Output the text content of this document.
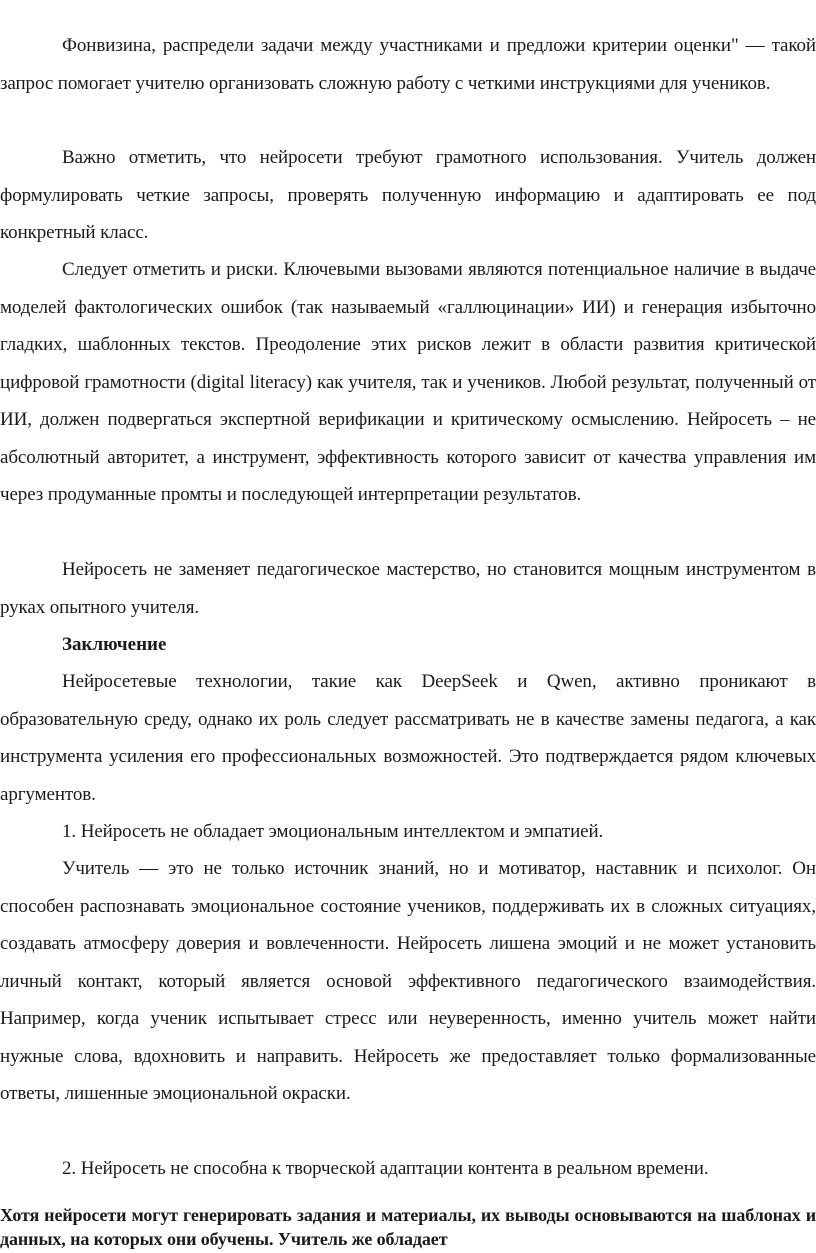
Фонвизина, распредели задачи между участниками и предложи критерии оценки" — такой запрос помогает учителю организовать сложную работу с четкими инструкциями для учеников.

Важно отметить, что нейросети требуют грамотного использования. Учитель должен формулировать четкие запросы, проверять полученную информацию и адаптировать ее под конкретный класс.

Следует отметить и риски. Ключевыми вызовами являются потенциальное наличие в выдаче моделей фактологических ошибок (так называемый «галлюцинации» ИИ) и генерация избыточно гладких, шаблонных текстов. Преодоление этих рисков лежит в области развития критической цифровой грамотности (digital literacy) как учителя, так и учеников. Любой результат, полученный от ИИ, должен подвергаться экспертной верификации и критическому осмыслению. Нейросеть – не абсолютный авторитет, а инструмент, эффективность которого зависит от качества управления им через продуманные промты и последующей интерпретации результатов.

Нейросеть не заменяет педагогическое мастерство, но становится мощным инструментом в руках опытного учителя.

Заключение

Нейросетевые технологии, такие как DeepSeek и Qwen, активно проникают в образовательную среду, однако их роль следует рассматривать не в качестве замены педагога, а как инструмента усиления его профессиональных возможностей. Это подтверждается рядом ключевых аргументов.

1. Нейросеть не обладает эмоциональным интеллектом и эмпатией.

Учитель — это не только источник знаний, но и мотиватор, наставник и психолог. Он способен распознавать эмоциональное состояние учеников, поддерживать их в сложных ситуациях, создавать атмосферу доверия и вовлеченности. Нейросеть лишена эмоций и не может установить личный контакт, который является основой эффективного педагогического взаимодействия. Например, когда ученик испытывает стресс или неуверенность, именно учитель может найти нужные слова, вдохновить и направить. Нейросеть же предоставляет только формализованные ответы, лишенные эмоциональной окраски.

2. Нейросеть не способна к творческой адаптации контента в реальном времени.

Хотя нейросети могут генерировать задания и материалы, их выводы основываются на шаблонах и данных, на которых они обучены. Учитель же обладает
